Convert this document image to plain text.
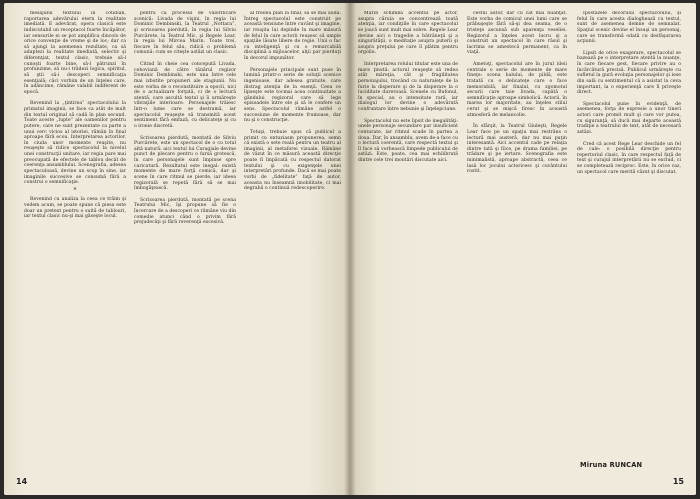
mesajului textului în cotidian, raportarea adevărului etern la realitate imediată. E adevărat, opera clasică este indiscutabil un receptacol foarte încăpător, iar sensurile ei se pot amplifica dincolo de orice convenţie de vreme şi de loc; dar ca să ajungi la asemenea rezultate, ca să adaptezi la realitate imediată, selectiv şi diferenţiat, textul clasic, trebuie să-l cunoşti foarte bine, să-l pătrunzi în profunzime, să nu-i trădezi logica, spiritul, să ştii să-i descoperi semnificaţia esenţială; căci vorbim de un înţeles care, în adâncime, rămâne valabil indiferent de epocă.

Revenind la „ţintirea” spectacolului la primatul imaginii, se face ca atât de mult din textul original să cadă în plan secund. Toate aceste „lupte” ale oamenilor pentru putere, care ne sunt prezentate ca parte a unui cerc vicios al istoriei, rămân în final aproape fără ecou. Interpretarea actorilor, în ciuda unor momente reuşite, nu reuşeşte să ridice spectacolul la nivelul unei construcţii unitare, iar regia pare mai preocupată de efectele de tablou decât de coerenţa ansamblului. Scenografia, adesea spectaculoasă, devine un scop în sine, iar imaginile succesive se consumă fără a construi o semnificaţie.

*

Revenind cu analiza la ceea ce trăim şi vedem acum, se poate spune că piesa este doar un pretext pentru o suită de tablouri, iar textul clasic nu-şi mai găseşte locul.

pentru că procesul de valorificare scenică: Livada de vişini, în regia lui Dominic Dembinski, la Teatrul „Nottara”, şi scrisoarea pierdută, în regia lui Silviu Purcărete, la Teatrul Mic, şi Regele Lear, în regia lui Mircea Marin. Toate trei, fiecare în felul său, ridică o problemă comună: cum se citeşte astăzi un clasic.

Citind în cheie cea concepută Livada, cehoviană de către tânărul regizor Dominic Dembinski, este una între cele mai izbutite propuneri ale stagiunii. Nu este vorba de o reconstituire a epocii, nici de o actualizare forţată, ci de o lectură atentă, care ascultă textul şi îi urmăreşte vibraţiile interioare. Personajele trăiesc într-o lume care se destramă, iar spectacolul reuşeşte să transmită acest sentiment fără emfază, cu delicateţe şi cu o ironie discretă.

Scrisoarea pierdută, montată de Silviu Purcărete, este un spectacol de o cu totul altă natură: aici textul lui Caragiale devine punct de plecare pentru o farsă grotescă, în care personajele sunt împinse spre caricatură. Rezultatul este inegal: există momente de mare forţă comică, dar şi scene în care ritmul se pierde, iar ideea regizorală se repetă fără să se mai îmbogăţească.

Scrisoarea pierdută, montată pe scena Teatrului Mic, îşi propune să fie o încercare de a descoperi ce rămâne viu din comedie atunci când o privim fără prejudecăţi şi fără reverenţă excesivă.

al treilea plan la final, să se mai audă. Întreg spectacolul este construit pe această tensiune între cuvânt şi imagine, iar reuşita lui depinde în mare măsură de felul în care actorii reuşesc să umple spaţiile lăsate libere de regie. Unii o fac cu inteligenţă şi cu o remarcabilă disciplină a mijloacelor, alţii par pierduţi în decorul impunător.

Personajele principale sunt puse în lumină printr-o serie de soluţii scenice ingenioase, dar adesea gratuite, care distrag atenţia de la esenţă. Ceea ce lipseşte este tocmai acea continuitate a gândului regizoral care să lege episoadele între ele şi să le confere un sens. Spectacolul rămâne astfel o succesiune de momente frumoase, dar nu şi o construcţie.

Totuşi, trebuie spus că publicul a primit cu entuziasm propunerea, semn că există o sete reală pentru un teatru al imaginii, al metaforei vizuale. Rămâne de văzut în ce măsură această direcţie poate fi împăcată cu respectul datorat textului şi cu exigenţele unei interpretări profunde. Dacă se mai poate vorbi de „fidelitate” faţă de autor, aceasta nu înseamnă imobilitate, ci mai degrabă o continuă redescoperire.

14

Marin schimbă accentul pe actor, asupra căruia se concentrează toată atenţia, iar condiţiile în care spectacolul se joacă sunt mult mai sobre. Regele Lear devine aici o tragedie a bătrâneţii şi a singurătăţii, o meditaţie asupra puterii şi asupra preţului pe care îl plătim pentru orgoliu.

Interpretarea rolului titular este una de mare ţinută: actorul reuşeşte să redea atât măreţia, cât şi fragilitatea personajului, trecând cu naturaleţe de la furie la disperare şi de la disperare la o luciditate dureroasă. Scenele cu Bufonul, în special, au o intensitate rară, iar dialogul lor devine o adevărată confruntare între nebunie şi înţelepciune.

Spectacolul nu este lipsit de inegalităţi: unele personaje secundare par insuficient conturate, iar ritmul scade în partea a doua. Dar, în ansamblu, avem de-a face cu o lectură coerentă, care respectă textul şi îl face să vorbească limpede publicului de astăzi. Este, poate, cea mai echilibrată dintre cele trei montări discutate aici.

cestui autor, dar cu cât mai nuanţat. Este vorba de comicul unei lumi care se prăbuşeşte fără să-şi dea seama, de o tristeţe ascunsă sub aparenţa veseliei. Regizorul a înţeles acest lucru şi a construit un spectacol în care râsul şi lacrima se amestecă permanent, ca în viaţă.

Ametoţi, spectacolul are în jurul ideii centrale o serie de momente de mare fineţe: scena balului, de pildă, este tratată cu o delicateţe care o face memorabilă, iar finalul, cu zgomotul securii care taie livada, capătă o semnificaţie aproape simbolică. Actorii, în marea lor majoritate, au înţeles stilul cerut şi se mişcă firesc în această atmosferă de melancolie.

În sfârşit, la Teatrul Giuleşti, Regele Lear face pe un spaţiu mai restrâns o lectură mai austeră, dar nu mai puţin interesantă. Aici accentul cade pe relaţia dintre tată şi fiice, pe drama familiei, pe trădare şi pe iertare. Scenografia este minimalistă, aproape abstractă, ceea ce lasă loc jocului actoricesc şi cuvântului rostit.

Ipostazele decorului spectacolului, şi felul în care acesta dialoghează cu textul, sunt de asemenea demne de semnalat. Spaţiul scenic devine el însuşi un personaj, care se transformă odată cu desfăşurarea acţiunii.

Lipsit de orice exagerare, spectacolul se bazează pe o interpretare atentă la nuanţe, în care fiecare gest, fiecare privire au o încărcătură precisă. Publicul urmăreşte cu sufletul la gură evoluţia personajelor şi iese din sală cu sentimentul că a asistat la ceva important, la o experienţă care îl priveşte direct.

Spectacolul pune în evidenţă, de asemenea, forţa de expresie a unor tineri actori care promit mult şi care vor putea, cu siguranţă, să ducă mai departe această tradiţie a teatrului de text, atât de necesară astăzi.

Cred că acest Rege Lear deschide un fel de cale: o posibilă direcţie pentru repertoriul clasic, în care respectul faţă de text şi curajul interpretării nu se exclud, ci se completează reciproc. Este, în orice caz, un spectacol care merită văzut şi discutat.

15
Miruna RUNCAN
